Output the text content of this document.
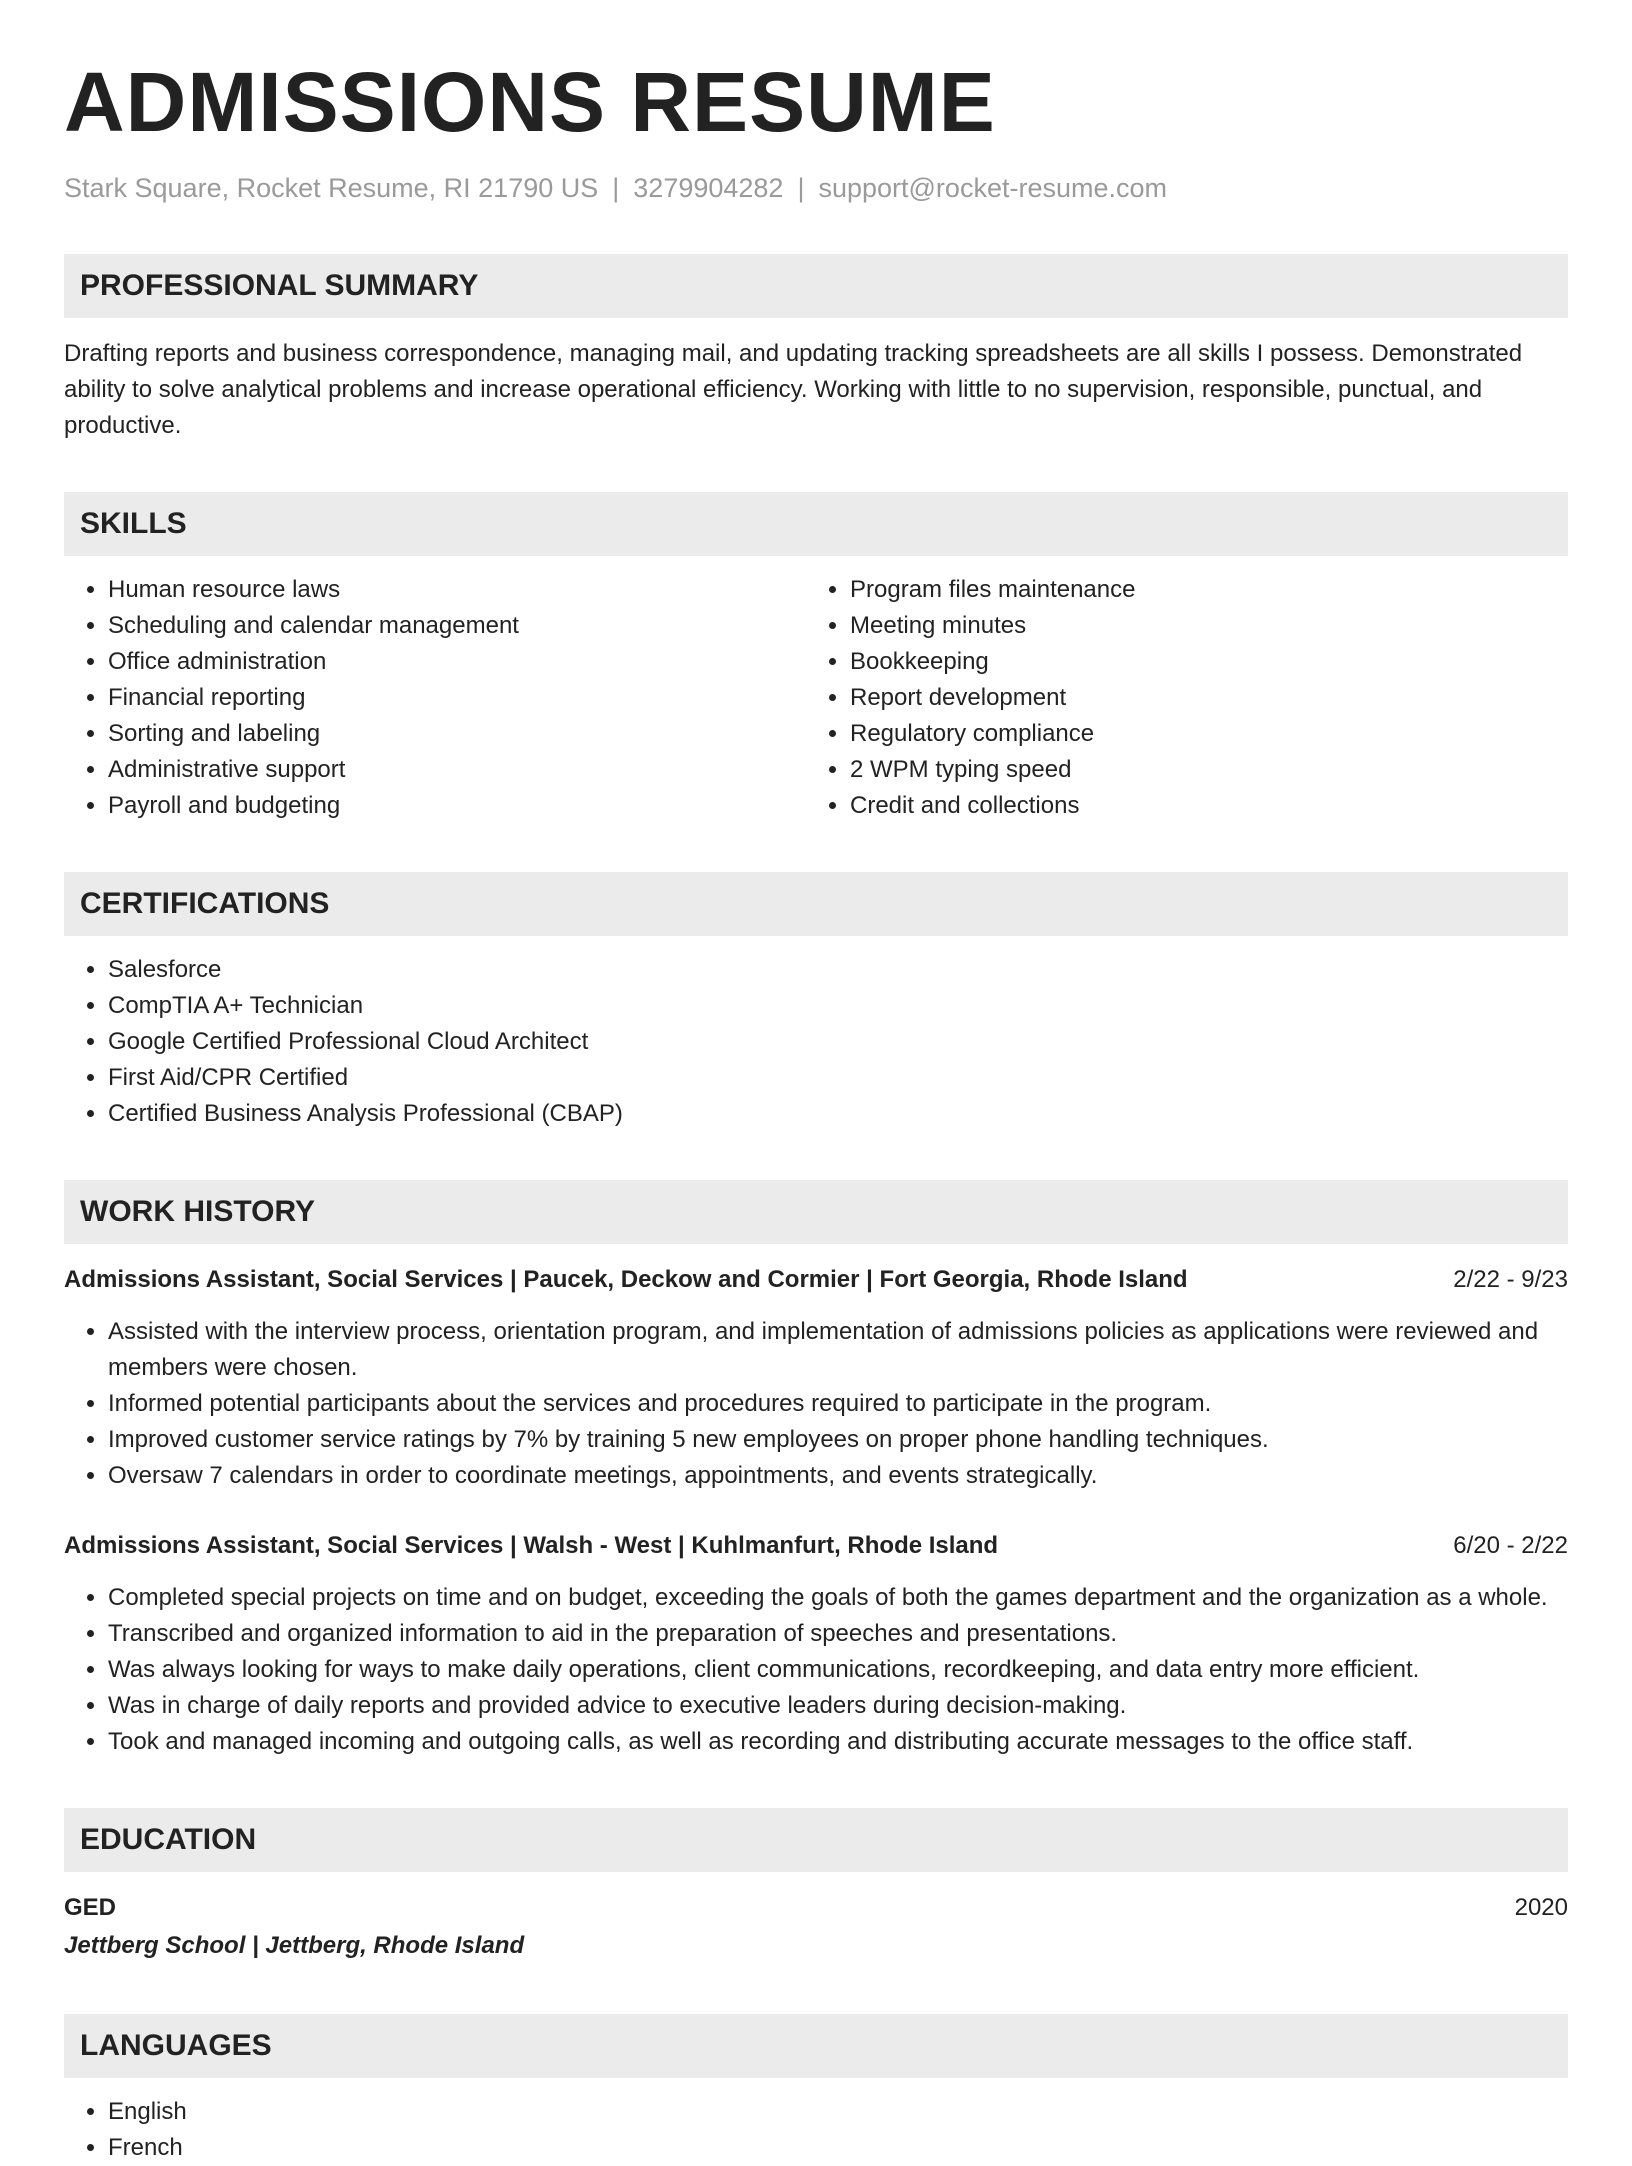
ADMISSIONS RESUME
Stark Square, Rocket Resume, RI 21790 US | 3279904282 | support@rocket-resume.com
PROFESSIONAL SUMMARY
Drafting reports and business correspondence, managing mail, and updating tracking spreadsheets are all skills I possess. Demonstrated ability to solve analytical problems and increase operational efficiency. Working with little to no supervision, responsible, punctual, and productive.
SKILLS
• Human resource laws
• Scheduling and calendar management
• Office administration
• Financial reporting
• Sorting and labeling
• Administrative support
• Payroll and budgeting
• Program files maintenance
• Meeting minutes
• Bookkeeping
• Report development
• Regulatory compliance
• 2 WPM typing speed
• Credit and collections
CERTIFICATIONS
• Salesforce
• CompTIA A+ Technician
• Google Certified Professional Cloud Architect
• First Aid/CPR Certified
• Certified Business Analysis Professional (CBAP)
WORK HISTORY
Admissions Assistant, Social Services | Paucek, Deckow and Cormier | Fort Georgia, Rhode Island	2/22 - 9/23
• Assisted with the interview process, orientation program, and implementation of admissions policies as applications were reviewed and members were chosen.
• Informed potential participants about the services and procedures required to participate in the program.
• Improved customer service ratings by 7% by training 5 new employees on proper phone handling techniques.
• Oversaw 7 calendars in order to coordinate meetings, appointments, and events strategically.
Admissions Assistant, Social Services | Walsh - West | Kuhlmanfurt, Rhode Island	6/20 - 2/22
• Completed special projects on time and on budget, exceeding the goals of both the games department and the organization as a whole.
• Transcribed and organized information to aid in the preparation of speeches and presentations.
• Was always looking for ways to make daily operations, client communications, recordkeeping, and data entry more efficient.
• Was in charge of daily reports and provided advice to executive leaders during decision-making.
• Took and managed incoming and outgoing calls, as well as recording and distributing accurate messages to the office staff.
EDUCATION
GED	2020
Jettberg School | Jettberg, Rhode Island
LANGUAGES
• English
• French
